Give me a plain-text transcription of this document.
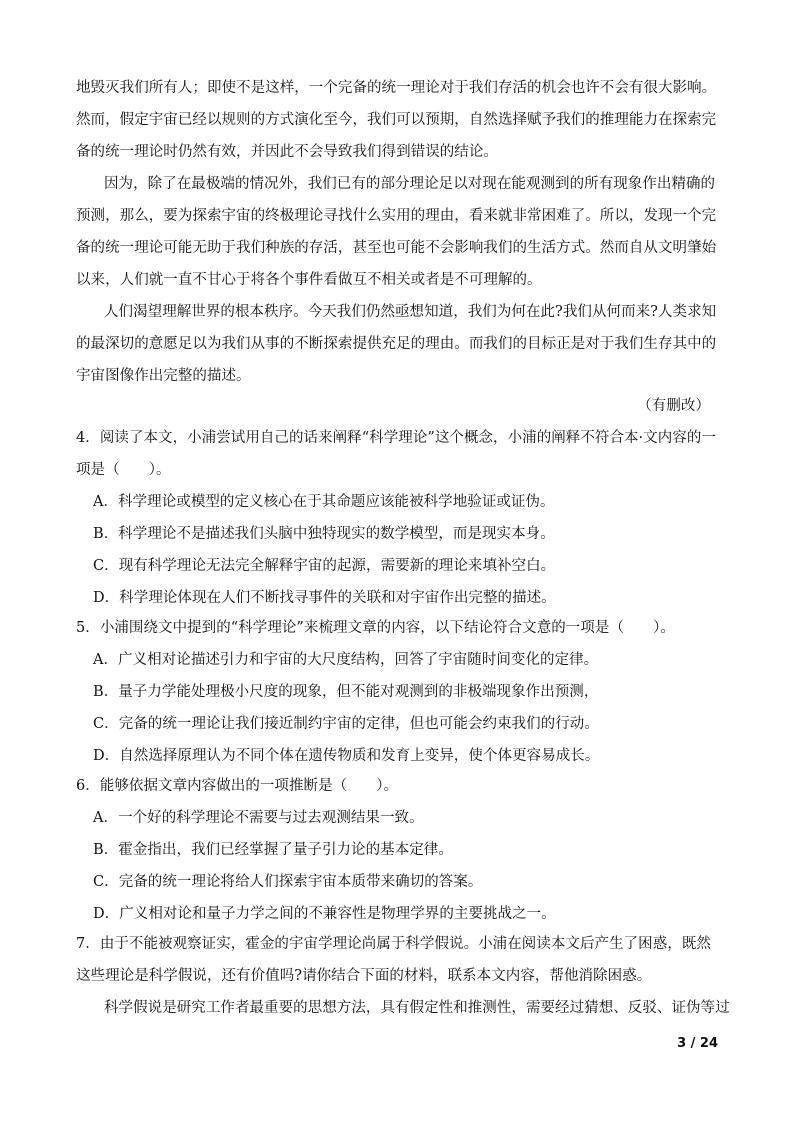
地毁灭我们所有人；即使不是这样，一个完备的统一理论对于我们存活的机会也许不会有很大影响。
然而，假定宇宙已经以规则的方式演化至今，我们可以预期，自然选择赋予我们的推理能力在探索完
备的统一理论时仍然有效，并因此不会导致我们得到错误的结论。
因为，除了在最极端的情况外，我们已有的部分理论足以对现在能观测到的所有现象作出精确的
预测，那么，要为探索宇宙的终极理论寻找什么实用的理由，看来就非常困难了。所以，发现一个完
备的统一理论可能无助于我们种族的存活，甚至也可能不会影响我们的生活方式。然而自从文明肇始
以来，人们就一直不甘心于将各个事件看做互不相关或者是不可理解的。
人们渴望理解世界的根本秩序。今天我们仍然亟想知道，我们为何在此?我们从何而来?人类求知
的最深切的意愿足以为我们从事的不断探索提供充足的理由。而我们的目标正是对于我们生存其中的
宇宙图像作出完整的描述。
（有删改）
4．阅读了本文，小浦尝试用自己的话来阐释“科学理论”这个概念，小浦的阐释不符合本·文内容的一
项是（　　）。
A．科学理论或模型的定义核心在于其命题应该能被科学地验证或证伪。
B．科学理论不是描述我们头脑中独特现实的数学模型，而是现实本身。
C．现有科学理论无法完全解释宇宙的起源，需要新的理论来填补空白。
D．科学理论体现在人们不断找寻事件的关联和对宇宙作出完整的描述。
5．小浦围绕文中提到的“科学理论”来梳理文章的内容，以下结论符合文意的一项是（　　）。
A．广义相对论描述引力和宇宙的大尺度结构，回答了宇宙随时间变化的定律。
B．量子力学能处理极小尺度的现象，但不能对观测到的非极端现象作出预测，
C．完备的统一理论让我们接近制约宇宙的定律，但也可能会约束我们的行动。
D．自然选择原理认为不同个体在遗传物质和发育上变异，使个体更容易成长。
6．能够依据文章内容做出的一项推断是（　　）。
A．一个好的科学理论不需要与过去观测结果一致。
B．霍金指出，我们已经掌握了量子引力论的基本定律。
C．完备的统一理论将给人们探索宇宙本质带来确切的答案。
D．广义相对论和量子力学之间的不兼容性是物理学界的主要挑战之一。
7．由于不能被观察证实，霍金的宇宙学理论尚属于科学假说。小浦在阅读本文后产生了困惑，既然
这些理论是科学假说，还有价值吗?请你结合下面的材料，联系本文内容，帮他消除困惑。
科学假说是研究工作者最重要的思想方法，具有假定性和推测性，需要经过猜想、反驳、证伪等过
3 / 24
